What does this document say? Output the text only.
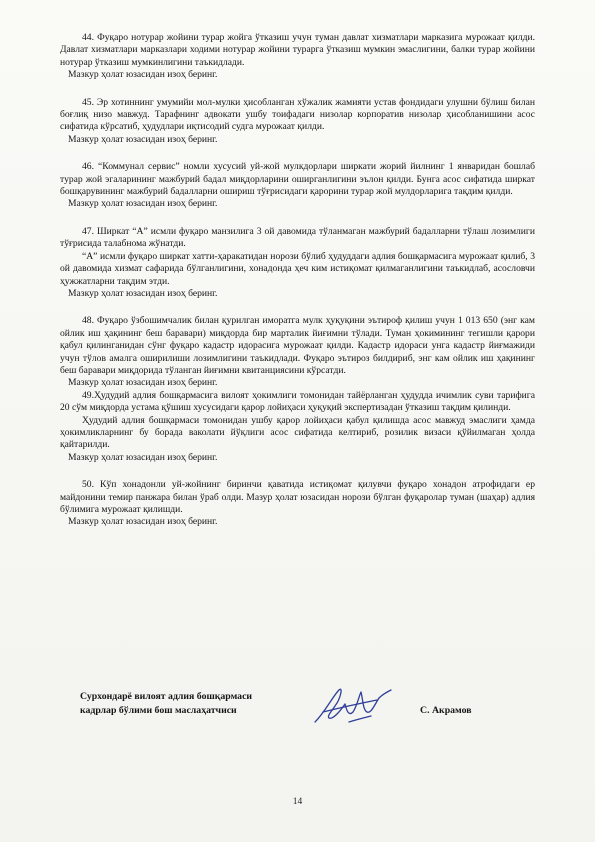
44. Фуқаро нотурар жойини турар жойга ўтказиш учун туман давлат хизматлари марказига мурожаат қилди. Давлат хизматлари марказлари ходими нотурар жойини турарга ўтказиш мумкин эмаслигини, балки турар жойини нотурар ўтказиш мумкинлигини таъкидлади.

Мазкур ҳолат юзасидан изоҳ беринг.

45. Эр хотиннинг умумийи мол-мулки ҳисобланган хўжалик жамияти устав фондидаги улушни бўлиш билан боғлиқ низо мавжуд. Тарафнинг адвокати ушбу тоифадаги низолар корпоратив низолар ҳисобланишини асос сифатида кўрсатиб, ҳудудлари иқтисодий судга мурожаат қилди.

Мазкур ҳолат юзасидан изоҳ беринг.

46. “Коммунал сервис” номли хусусий уй-жой мулкдорлари ширкати жорий йилнинг 1 январидан бошлаб турар жой эгаларининг мажбурий бадал миқдорларини оширганлигини эълон қилди. Бунга асос сифатида ширкат бошқарувининг мажбурий бадалларни ошириш тўғрисидаги қарорини турар жой мулдорларига тақдим қилди.

Мазкур ҳолат юзасидан изоҳ беринг.

47. Ширкат “А” исмли фуқаро манзилига 3 ой давомида тўланмаган мажбурий бадалларни тўлаш лозимлиги тўғрисида талабнома жўнатди.

“А” исмли фуқаро ширкат хатти-ҳаракатидан норози бўлиб ҳудуддаги адлия бошқармасига мурожаат қилиб, 3 ой давомида хизмат сафарида бўлганлигини, хонадонда ҳеч ким истиқомат қилмаганлигини таъкидлаб, асословчи ҳужжатларни тақдим этди.

Мазкур ҳолат юзасидан изоҳ беринг.

48. Фуқаро ўзбошимчалик билан қурилган иморатга мулк ҳуқуқини эътироф қилиш учун 1 013 650 (энг кам ойлик иш ҳақининг беш баравари) миқдорда бир марталик йиғимни тўлади. Туман ҳокимининг тегишли қарори қабул қилинганидан сўнг фуқаро кадастр идорасига мурожаат қилди. Кадастр идораси унга кадастр йиғмажиди учун тўлов амалга оширилиши лозимлигини таъкидлади. Фуқаро эътироз билдириб, энг кам ойлик иш ҳақининг беш баравари миқдорида тўланган йиғимни квитанциясини кўрсатди.

Мазкур ҳолат юзасидан изоҳ беринг.

49.Ҳудудий адлия бошқармасига вилоят ҳокимлиги томонидан тайёрланган ҳудудда ичимлик суви тарифига 20 сўм миқдорда устама қўшиш хусусидаги қарор лойиҳаси ҳуқуқий экспертизадан ўтказиш тақдим қилинди.

Ҳудудий адлия бошқармаси томонидан ушбу қарор лойиҳаси қабул қилишда асос мавжуд эмаслиги ҳамда ҳокимликларнинг бу борада ваколати йўқлиги асос сифатида келтириб, розилик визаси қўйилмаган ҳолда қайтарилди.

Мазкур ҳолат юзасидан изоҳ беринг.

50. Кўп хонадонли уй-жойнинг биринчи қаватида истиқомат қилувчи фуқаро хонадон атрофидаги ер майдонини темир панжара билан ўраб олди. Мазур ҳолат юзасидан норози бўлган фуқаролар туман (шаҳар) адлия бўлимига мурожаат қилишди.

Мазкур ҳолат юзасидан изоҳ беринг.

Сурхондарё вилоят адлия бошқармаси
кадрлар бўлими бош маслаҳатчиси	С. Акрамов
14
